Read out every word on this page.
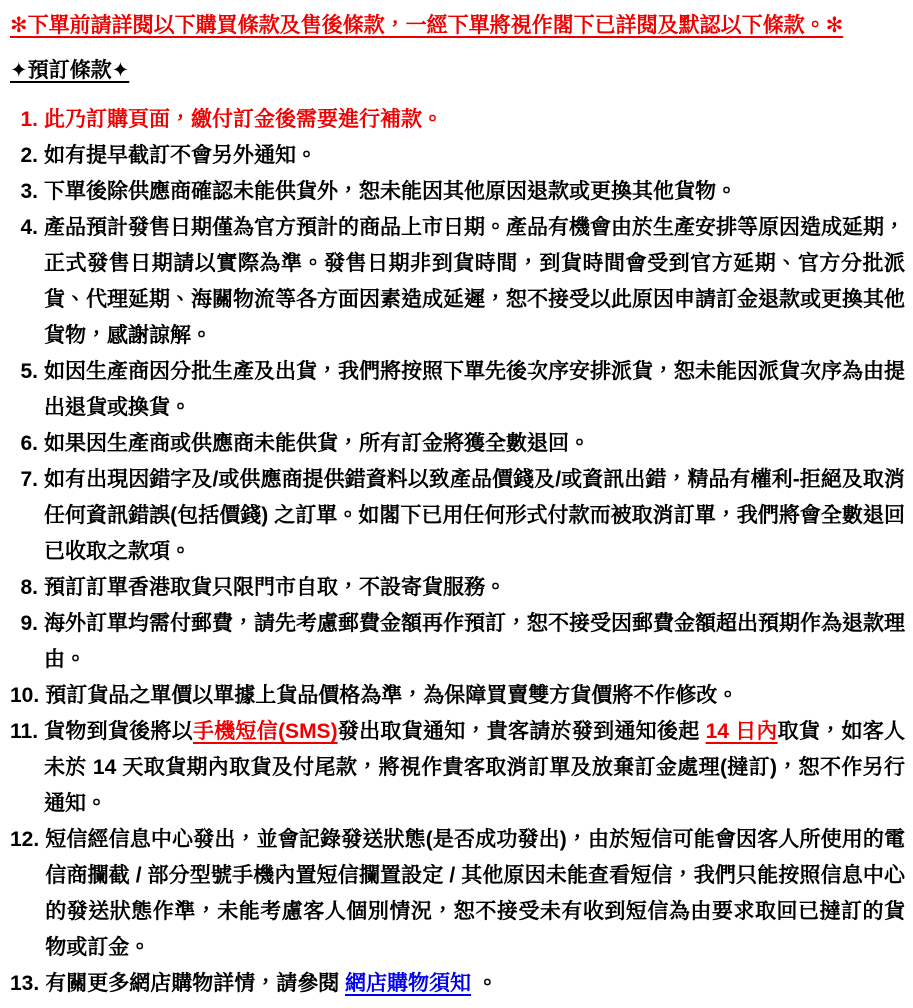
✻下單前請詳閱以下購買條款及售後條款，一經下單將視作閣下已詳閱及默認以下條款。✻
✦預訂條款✦
1. 此乃訂購頁面，繳付訂金後需要進行補款。
2. 如有提早截訂不會另外通知。
3. 下單後除供應商確認未能供貨外，恕未能因其他原因退款或更換其他貨物。
4. 產品預計發售日期僅為官方預計的商品上市日期。產品有機會由於生產安排等原因造成延期，正式發售日期請以實際為準。發售日期非到貨時間，到貨時間會受到官方延期、官方分批派貨、代理延期、海關物流等各方面因素造成延遲，恕不接受以此原因申請訂金退款或更換其他貨物，感謝諒解。
5. 如因生產商因分批生產及出貨，我們將按照下單先後次序安排派貨，恕未能因派貨次序為由提出退貨或換貨。
6. 如果因生產商或供應商未能供貨，所有訂金將獲全數退回。
7. 如有出現因錯字及/或供應商提供錯資料以致產品價錢及/或資訊出錯，精品有權利-拒絕及取消任何資訊錯誤(包括價錢) 之訂單。如閣下已用任何形式付款而被取消訂單，我們將會全數退回已收取之款項。
8. 預訂訂單香港取貨只限門市自取，不設寄貨服務。
9. 海外訂單均需付郵費，請先考慮郵費金額再作預訂，恕不接受因郵費金額超出預期作為退款理由。
10. 預訂貨品之單價以單據上貨品價格為準，為保障買賣雙方貨價將不作修改。
11. 貨物到貨後將以手機短信(SMS)發出取貨通知，貴客請於發到通知後起 14 日內取貨，如客人未於 14 天取貨期內取貨及付尾款，將視作貴客取消訂單及放棄訂金處理(撻訂)，恕不作另行通知。
12. 短信經信息中心發出，並會記錄發送狀態(是否成功發出)，由於短信可能會因客人所使用的電信商攔截 / 部分型號手機內置短信攔置設定 / 其他原因未能查看短信，我們只能按照信息中心的發送狀態作準，未能考慮客人個別情況，恕不接受未有收到短信為由要求取回已撻訂的貨物或訂金。
13. 有關更多網店購物詳情，請參閱 網店購物須知 。
